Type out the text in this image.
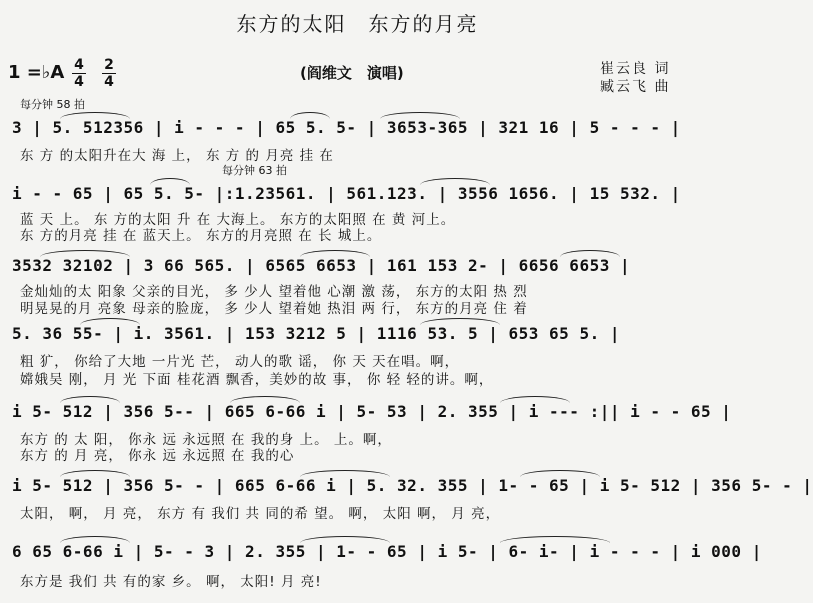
东方的太阳　东方的月亮
1 =♭A 4
4
2
4	(阎维文　演唱)	崔云良 词
臧云飞 曲
每分钟 58 拍
每分钟 63 拍
3 | 5. 512356 | i - - - | 65 5. 5- | 3653-365 | 321 16 | 5 - - - |
东 方 的太阳升在大 海 上， 东 方 的 月亮 挂 在
i - - 65 | 65 5. 5- |:1.23561. | 561.123. | 3556 1656. | 15 532. |
蓝 天 上。 东 方的太阳 升 在 大海上。 东方的太阳照 在 黄 河上。
东 方的月亮 挂 在 蓝天上。 东方的月亮照 在 长 城上。
3532 32102 | 3 66 565. | 6565 6653 | 161 153 2- | 6656 6653 |
金灿灿的太 阳象 父亲的目光， 多 少人 望着他 心潮 激 荡， 东方的太阳 热 烈
明晃晃的月 亮象 母亲的脸庞， 多 少人 望着她 热泪 两 行， 东方的月亮 住 着
5. 36 55- | i. 3561. | 153 3212 5 | 1116 53. 5 | 653 65 5. |
粗 犷， 你给了大地 一片光 芒， 动人的歌 谣， 你 天 天在唱。啊，
嫦娥吴 刚， 月 光 下面 桂花酒 飘香，美妙的故 事， 你 轻 轻的讲。啊，
i 5- 512 | 356 5-- | 665 6-66 i | 5- 53 | 2. 355 | i --- :|| i - - 65 |
东方 的 太 阳， 你永 远 永远照 在 我的身 上。 上。啊，
东方 的 月 亮， 你永 远 永远照 在 我的心
i 5- 512 | 356 5- - | 665 6-66 i | 5. 32. 355 | 1- - 65 | i 5- 512 | 356 5- - |
太阳， 啊， 月 亮， 东方 有 我们 共 同的希 望。 啊， 太阳 啊， 月 亮，
6 65 6-66 i | 5- - 3 | 2. 355 | 1- - 65 | i 5- | 6- i- | i - - - | i 000 |
东方是 我们 共 有的家 乡。 啊， 太阳! 月 亮!
